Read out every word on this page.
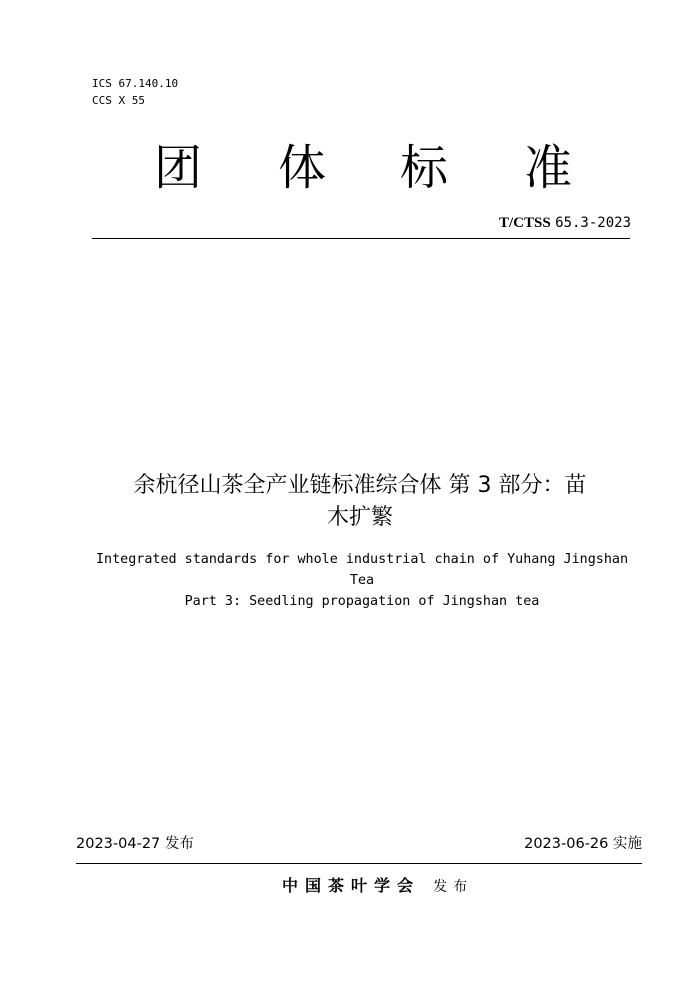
ICS 67.140.10
CCS X 55
团 体 标 准
T/CTSS 65.3-2023
余杭径山茶全产业链标准综合体 第 3 部分：苗
木扩繁
Integrated standards for whole industrial chain of Yuhang Jingshan
Tea
Part 3: Seedling propagation of Jingshan tea
2023-04-27 发布	2023-06-26 实施
中国茶叶学会 发布
